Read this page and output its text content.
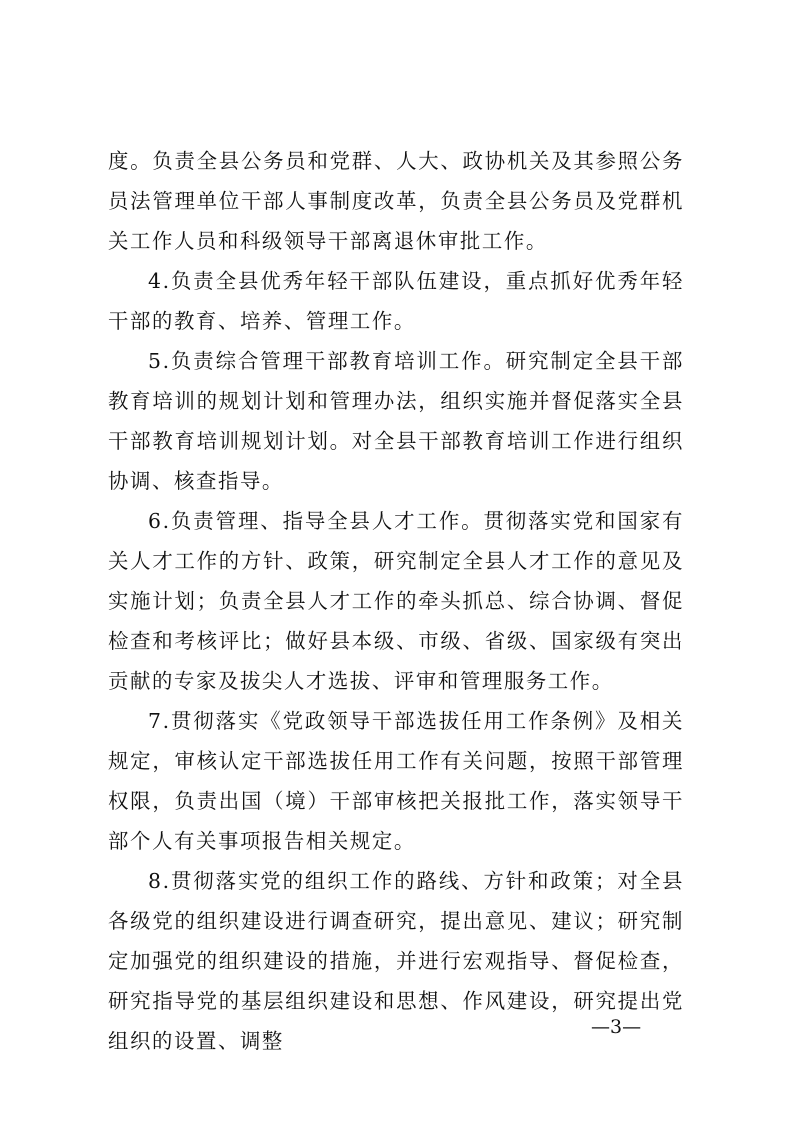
度。负责全县公务员和党群、人大、政协机关及其参照公务员法管理单位干部人事制度改革，负责全县公务员及党群机关工作人员和科级领导干部离退休审批工作。

4.负责全县优秀年轻干部队伍建设，重点抓好优秀年轻干部的教育、培养、管理工作。

5.负责综合管理干部教育培训工作。研究制定全县干部教育培训的规划计划和管理办法，组织实施并督促落实全县干部教育培训规划计划。对全县干部教育培训工作进行组织协调、核查指导。

6.负责管理、指导全县人才工作。贯彻落实党和国家有关人才工作的方针、政策，研究制定全县人才工作的意见及实施计划；负责全县人才工作的牵头抓总、综合协调、督促检查和考核评比；做好县本级、市级、省级、国家级有突出贡献的专家及拔尖人才选拔、评审和管理服务工作。

7.贯彻落实《党政领导干部选拔任用工作条例》及相关规定，审核认定干部选拔任用工作有关问题，按照干部管理权限，负责出国（境）干部审核把关报批工作，落实领导干部个人有关事项报告相关规定。

8.贯彻落实党的组织工作的路线、方针和政策；对全县各级党的组织建设进行调查研究，提出意见、建议；研究制定加强党的组织建设的措施，并进行宏观指导、督促检查，研究指导党的基层组织建设和思想、作风建设，研究提出党组织的设置、调整

—3—
